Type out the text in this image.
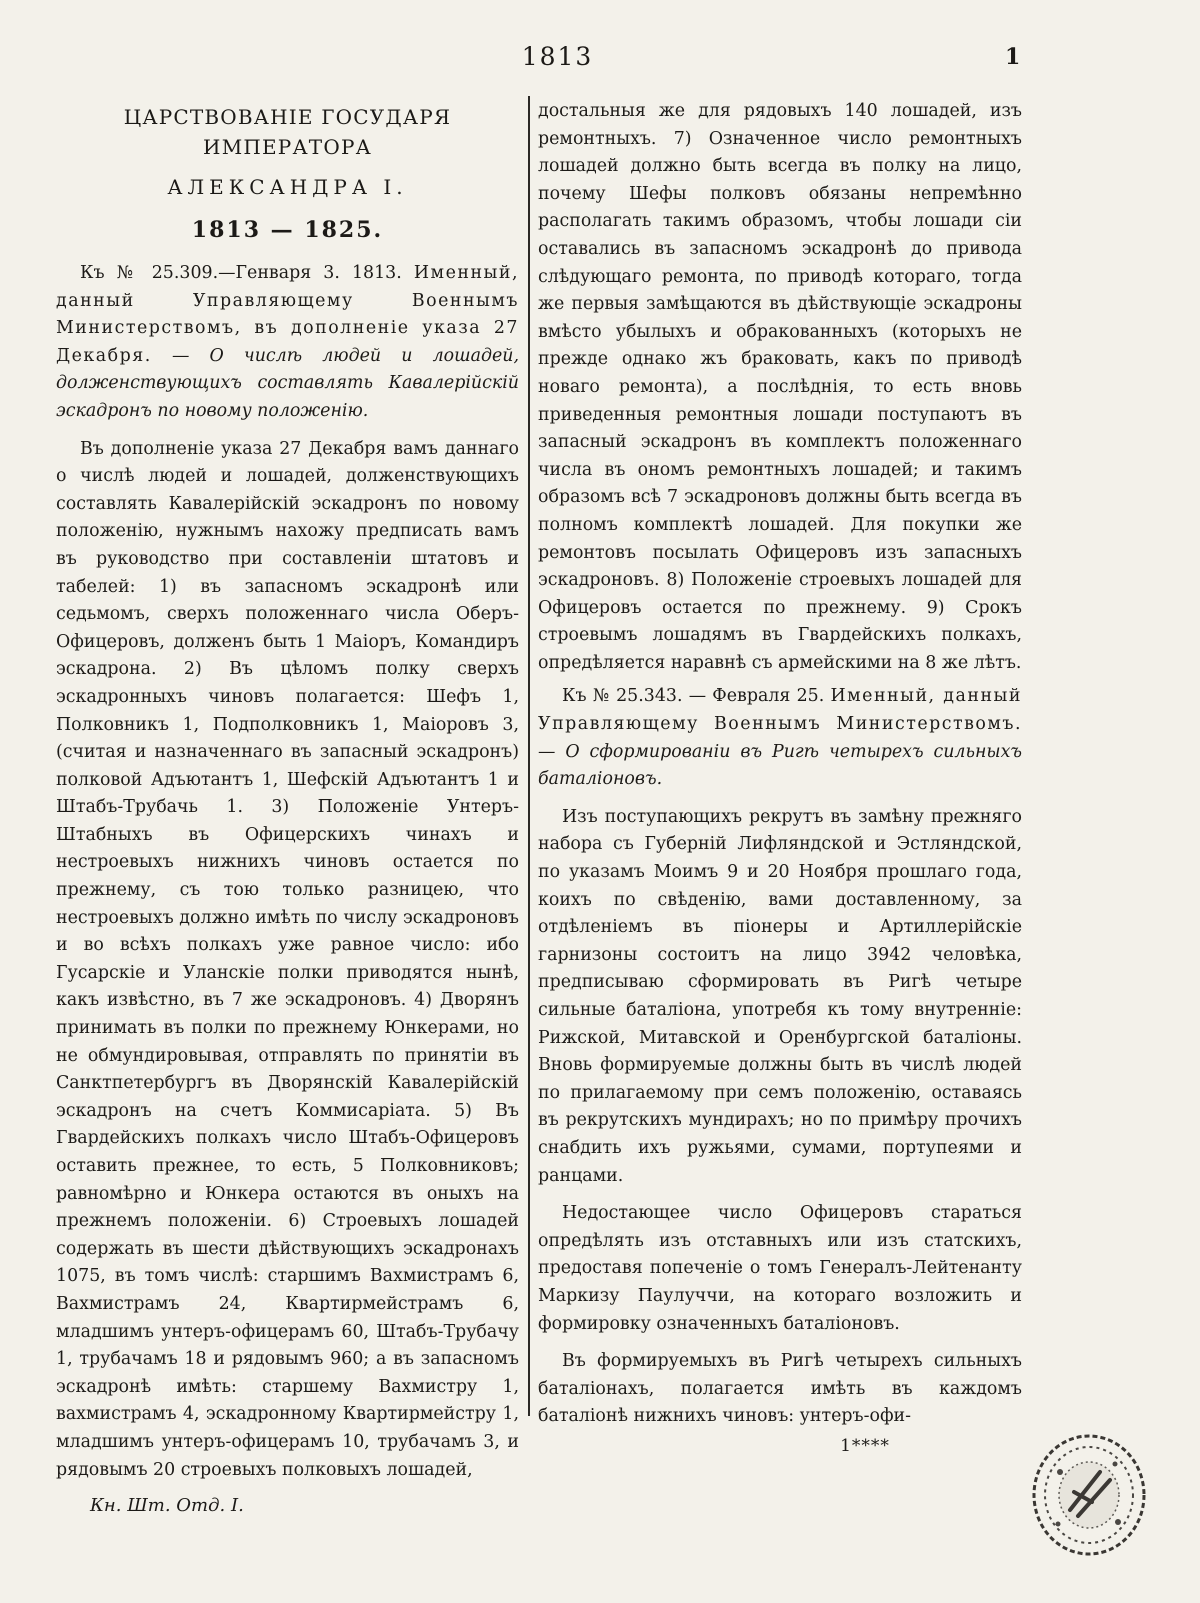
1813	1
ЦАРСТВОВАНІЕ ГОСУДАРЯ ИМПЕРАТОРА
АЛЕКСАНДРА І.
1813 — 1825.

Къ № 25.309.—Генваря 3. 1813. Именный, данный Управляющему Военнымъ Министерствомъ, въ дополненіе указа 27 Декабря. — О числѣ людей и лошадей, долженствующихъ составлять Кавалерійскій эскадронъ по новому положенію.

Въ дополненіе указа 27 Декабря вамъ даннаго о числѣ людей и лошадей, долженствующихъ составлять Кавалерійскій эскадронъ по новому положенію, нужнымъ нахожу предписать вамъ въ руководство при составленіи штатовъ и табелей: 1) въ запасномъ эскадронѣ или седьмомъ, сверхъ положеннаго числа Оберъ-Офицеровъ, долженъ быть 1 Маіоръ, Командиръ эскадрона. 2) Въ цѣломъ полку сверхъ эскадронныхъ чиновъ полагается: Шефъ 1, Полковникъ 1, Подполковникъ 1, Маіоровъ 3, (считая и назначеннаго въ запасный эскадронъ) полковой Адъютантъ 1, Шефскій Адъютантъ 1 и Штабъ-Трубачь 1. 3) Положеніе Унтеръ-Штабныхъ въ Офицерскихъ чинахъ и нестроевыхъ нижнихъ чиновъ остается по прежнему, съ тою только разницею, что нестроевыхъ должно имѣть по числу эскадроновъ и во всѣхъ полкахъ уже равное число: ибо Гусарскіе и Уланскіе полки приводятся нынѣ, какъ извѣстно, въ 7 же эскадроновъ. 4) Дворянъ принимать въ полки по прежнему Юнкерами, но не обмундировывая, отправлять по принятіи въ Санктпетербургъ въ Дворянскій Кавалерійскій эскадронъ на счетъ Коммисаріата. 5) Въ Гвардейскихъ полкахъ число Штабъ-Офицеровъ оставить прежнее, то есть, 5 Полковниковъ; равномѣрно и Юнкера остаются въ оныхъ на прежнемъ положеніи. 6) Строевыхъ лошадей содержать въ шести дѣйствующихъ эскадронахъ 1075, въ томъ числѣ: старшимъ Вахмистрамъ 6, Вахмистрамъ 24, Квартирмейстрамъ 6, младшимъ унтеръ-офицерамъ 60, Штабъ-Трубачу 1, трубачамъ 18 и рядовымъ 960; а въ запасномъ эскадронѣ имѣть: старшему Вахмистру 1, вахмистрамъ 4, эскадронному Квартирмейстру 1, младшимъ унтеръ-офицерамъ 10, трубачамъ 3, и рядовымъ 20 строевыхъ полковыхъ лошадей,

Кн. Шт. Отд. I.

достальныя же для рядовыхъ 140 лошадей, изъ ремонтныхъ. 7) Означенное число ремонтныхъ лошадей должно быть всегда въ полку на лицо, почему Шефы полковъ обязаны непремѣнно располагать такимъ образомъ, чтобы лошади сіи оставались въ запасномъ эскадронѣ до привода слѣдующаго ремонта, по приводѣ котораго, тогда же первыя замѣщаются въ дѣйствующіе эскадроны вмѣсто убылыхъ и обракованныхъ (которыхъ не прежде однако жъ браковать, какъ по приводѣ новаго ремонта), а послѣднія, то есть вновь приведенныя ремонтныя лошади поступаютъ въ запасный эскадронъ въ комплектъ положеннаго числа въ ономъ ремонтныхъ лошадей; и такимъ образомъ всѣ 7 эскадроновъ должны быть всегда въ полномъ комплектѣ лошадей. Для покупки же ремонтовъ посылать Офицеровъ изъ запасныхъ эскадроновъ. 8) Положеніе строевыхъ лошадей для Офицеровъ остается по прежнему. 9) Срокъ строевымъ лошадямъ въ Гвардейскихъ полкахъ, опредѣляется наравнѣ съ армейскими на 8 же лѣтъ.

Къ № 25.343. — Февраля 25. Именный, данный Управляющему Военнымъ Министерствомъ. — О сформированіи въ Ригѣ четырехъ сильныхъ баталіоновъ.

Изъ поступающихъ рекрутъ въ замѣну прежняго набора съ Губерній Лифляндской и Эстляндской, по указамъ Моимъ 9 и 20 Ноября прошлаго года, коихъ по свѣденію, вами доставленному, за отдѣленіемъ въ піонеры и Артиллерійскіе гарнизоны состоитъ на лицо 3942 человѣка, предписываю сформировать въ Ригѣ четыре сильные баталіона, употребя къ тому внутренніе: Рижской, Митавской и Оренбургской баталіоны. Вновь формируемые должны быть въ числѣ людей по прилагаемому при семъ положенію, оставаясь въ рекрутскихъ мундирахъ; но по примѣру прочихъ снабдить ихъ ружьями, сумами, портупеями и ранцами.

Недостающее число Офицеровъ стараться опредѣлять изъ отставныхъ или изъ статскихъ, предоставя попеченіе о томъ Генералъ-Лейтенанту Маркизу Паулуччи, на котораго возложить и формировку означенныхъ баталіоновъ.

Въ формируемыхъ въ Ригѣ четырехъ сильныхъ баталіонахъ, полагается имѣть въ каждомъ баталіонѣ нижнихъ чиновъ: унтеръ-офи-

1****
